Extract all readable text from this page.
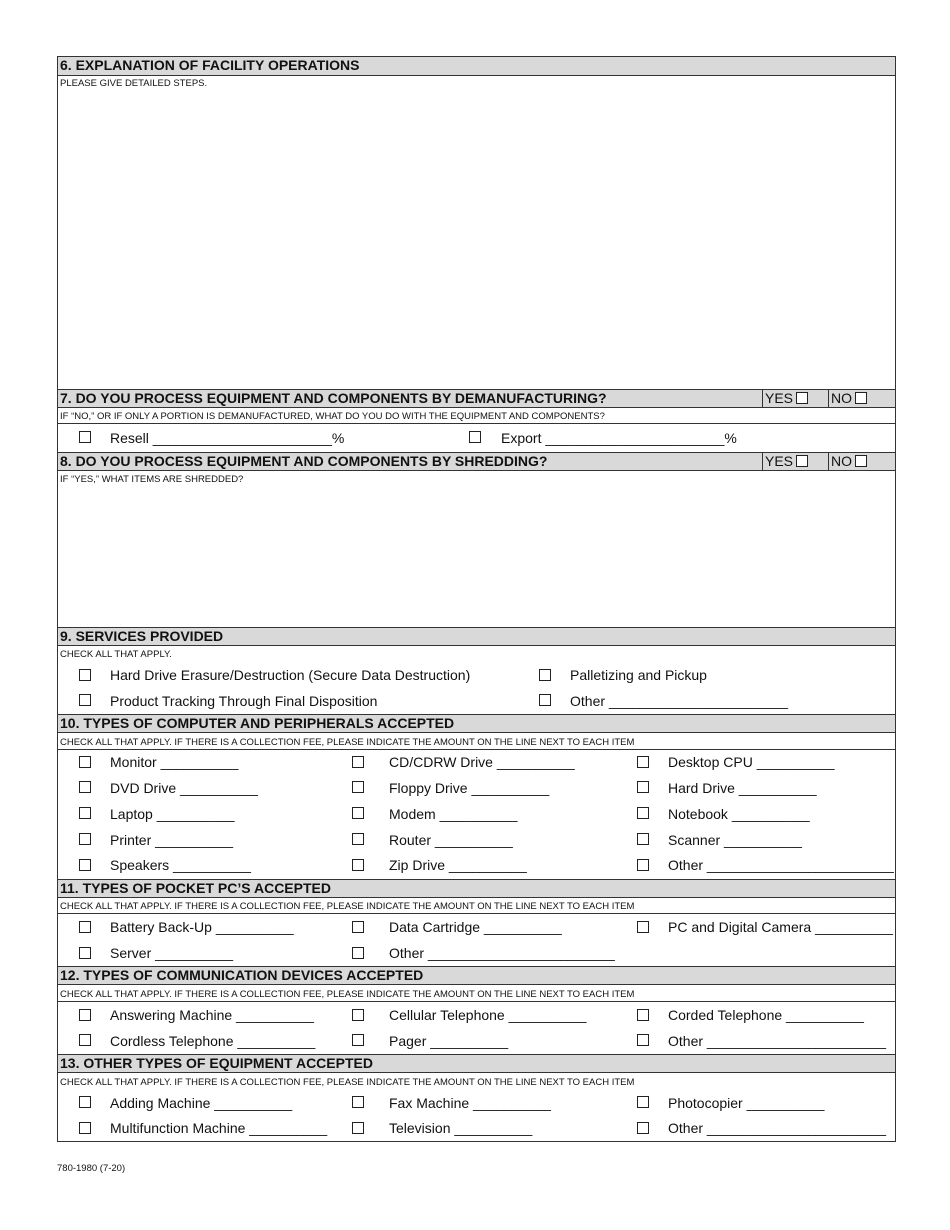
6. EXPLANATION OF FACILITY OPERATIONS
PLEASE GIVE DETAILED STEPS.
7. DO YOU PROCESS EQUIPMENT AND COMPONENTS BY DEMANUFACTURING?	YES	NO
IF “NO,” OR IF ONLY A PORTION IS DEMANUFACTURED, WHAT DO YOU DO WITH THE EQUIPMENT AND COMPONENTS?
Resell _______________________%	Export _______________________%
8. DO YOU PROCESS EQUIPMENT AND COMPONENTS BY SHREDDING?	YES	NO
IF “YES,” WHAT ITEMS ARE SHREDDED?
9. SERVICES PROVIDED
CHECK ALL THAT APPLY.
Hard Drive Erasure/Destruction (Secure Data Destruction)	Palletizing and Pickup
Product Tracking Through Final Disposition	Other _______________________
10. TYPES OF COMPUTER AND PERIPHERALS ACCEPTED
CHECK ALL THAT APPLY. IF THERE IS A COLLECTION FEE, PLEASE INDICATE THE AMOUNT ON THE LINE NEXT TO EACH ITEM
Monitor __________	CD/CDRW Drive __________	Desktop CPU __________
DVD Drive __________	Floppy Drive __________	Hard Drive __________
Laptop __________	Modem __________	Notebook __________
Printer __________	Router __________	Scanner __________
Speakers __________	Zip Drive __________	Other ________________________
11. TYPES OF POCKET PC’S ACCEPTED
CHECK ALL THAT APPLY. IF THERE IS A COLLECTION FEE, PLEASE INDICATE THE AMOUNT ON THE LINE NEXT TO EACH ITEM
Battery Back-Up __________	Data Cartridge __________	PC and Digital Camera __________
Server __________	Other ________________________
12. TYPES OF COMMUNICATION DEVICES ACCEPTED
CHECK ALL THAT APPLY. IF THERE IS A COLLECTION FEE, PLEASE INDICATE THE AMOUNT ON THE LINE NEXT TO EACH ITEM
Answering Machine __________	Cellular Telephone __________	Corded Telephone __________
Cordless Telephone __________	Pager __________	Other _______________________
13. OTHER TYPES OF EQUIPMENT ACCEPTED
CHECK ALL THAT APPLY. IF THERE IS A COLLECTION FEE, PLEASE INDICATE THE AMOUNT ON THE LINE NEXT TO EACH ITEM
Adding Machine __________	Fax Machine __________	Photocopier __________
Multifunction Machine __________	Television __________	Other _______________________
780-1980 (7-20)
